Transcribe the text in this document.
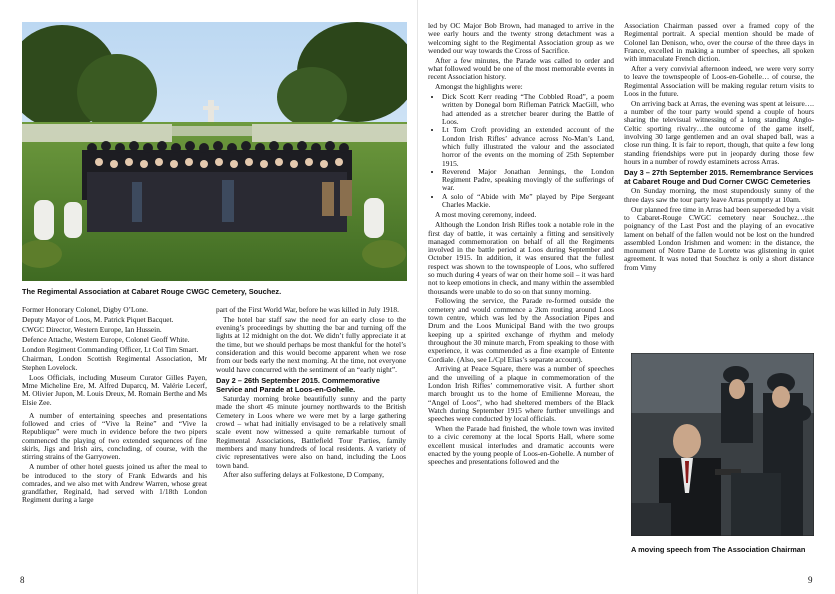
The Regimental Association at Cabaret Rouge CWGC Cemetery, Souchez.

Former Honorary Colonel, Digby O’Lone.

Deputy Mayor of Loos, M. Patrick Piquet Bacquet.

CWGC Director, Western Europe, Ian Hussein.

Defence Attache, Western Europe, Colonel Geoff White.

London Regiment Commanding Officer, Lt Col Tim Smart.

Chairman, London Scottish Regimental Association, Mr Stephen Lovelock.

Loos Officials, including Museum Curator Gilles Payen, Mme Micheline Ere, M. Alfred Duparcq, M. Valérie Lecerf, M. Olivier Jupon, M. Louis Dreux, M. Romain Berthe and Ms Elsie Zee.

A number of entertaining speeches and presentations followed and cries of “Vive la Reine” and “Vive la Republique” were much in evidence before the two pipers commenced the playing of two extended sequences of fine skirls, Jigs and Irish airs, concluding, of course, with the stirring strains of the Garryowen.

A number of other hotel guests joined us after the meal to be introduced to the story of Frank Edwards and his comrades, and we also met with Andrew Warren, whose great grandfather, Reginald, had served with 1/18th London Regiment during a large

part of the First World War, before he was killed in July 1918.

The hotel bar staff saw the need for an early close to the evening’s proceedings by shutting the bar and turning off the lights at 12 midnight on the dot. We didn’t fully appreciate it at the time, but we should perhaps be most thankful for the hotel’s consideration and this would become apparent when we rose from our beds early the next morning. At the time, not everyone would have concurred with the sentiment of an “early night”.

Day 2 – 26th September 2015. Commemorative Service and Parade at Loos-en-Gohelle.

Saturday morning broke beautifully sunny and the party made the short 45 minute journey northwards to the British Cemetery in Loos where we were met by a large gathering crowd – what had initially envisaged to be a relatively small scale event now witnessed a quite remarkable turnout of Regimental Associations, Battlefield Tour Parties, family members and many hundreds of local residents. A variety of civic representatives were also on hand, including the Loos town band.

After also suffering delays at Folkestone, D Company,

8

led by OC Major Bob Brown, had managed to arrive in the wee early hours and the twenty strong detachment was a welcoming sight to the Regimental Association group as we wended our way towards the Cross of Sacrifice.

After a few minutes, the Parade was called to order and what followed would be one of the most memorable events in recent Association history.

Amongst the highlights were:

• Dick Scott Kerr reading “The Cobbled Road”, a poem written by Donegal born Rifleman Patrick MacGill, who had attended as a stretcher bearer during the Battle of Loos.
• Lt Tom Croft providing an extended account of the London Irish Rifles’ advance across No-Man’s Land, which fully illustrated the valour and the associated horror of the events on the morning of 25th September 1915.
• Reverend Major Jonathan Jennings, the London Regiment Padre, speaking movingly of the sufferings of war.
• A solo of “Abide with Me” played by Pipe Sergeant Charles Mackie.

A most moving ceremony, indeed.

Although the London Irish Rifles took a notable role in the first day of battle, it was certainly a fitting and sensitively managed commemoration on behalf of all the Regiments involved in the battle period at Loos during September and October 1915. In addition, it was ensured that the fullest respect was shown to the townspeople of Loos, who suffered so much during 4 years of war on their home soil – it was hard not to keep emotions in check, and many within the assembled thousands were unable to do so on that sunny morning.

Following the service, the Parade re-formed outside the cemetery and would commence a 2km routing around Loos town centre, which was led by the Association Pipes and Drum and the Loos Municipal Band with the two groups keeping up a spirited exchange of rhythm and melody throughout the 30 minute march, From speaking to those with experience, it was commended as a fine example of Entente Cordiale. (Also, see L/Cpl Elias’s separate account).

Arriving at Peace Square, there was a number of speeches and the unveiling of a plaque in commemoration of the London Irish Rifles’ commemorative visit. A further short march brought us to the home of Emilienne Moreau, the “Angel of Loos”, who had sheltered members of the Black Watch during September 1915 where further unveilings and speeches were conducted by local officials.

When the Parade had finished, the whole town was invited to a civic ceremony at the local Sports Hall, where some excellent musical interludes and dramatic accounts were enacted by the young people of Loos-en-Gohelle. A number of speeches and presentations followed and the

Association Chairman passed over a framed copy of the Regimental portrait. A special mention should be made of Colonel Ian Denison, who, over the course of the three days in France, excelled in making a number of speeches, all spoken with immaculate French diction.

After a very convivial afternoon indeed, we were very sorry to leave the townspeople of Loos-en-Gohelle… of course, the Regimental Association will be making regular return visits to Loos in the future.

On arriving back at Arras, the evening was spent at leisure…. a number of the tour party would spend a couple of hours sharing the televisual witnessing of a long standing Anglo-Celtic sporting rivalry…the outcome of the game itself, involving 30 large gentlemen and an oval shaped ball, was a close run thing. It is fair to report, though, that quite a few long standing friendships were put in jeopardy during those few hours in a number of rowdy estaminets across Arras.

Day 3 – 27th September 2015. Remembrance Services at Cabaret Rouge and Dud Corner CWGC Cemeteries

On Sunday morning, the most stupendously sunny of the three days saw the tour party leave Arras promptly at 10am.

Our planned free time in Arras had been superseded by a visit to Cabaret-Rouge CWGC cemetery near Souchez…the poignancy of the Last Post and the playing of an evocative lament on behalf of the fallen would not be lost on the hundred assembled London Irishmen and women: in the distance, the monument of Notre Dame de Lorette was glistening in quiet agreement. It was noted that Souchez is only a short distance from Vimy

A moving speech from The Association Chairman
9
